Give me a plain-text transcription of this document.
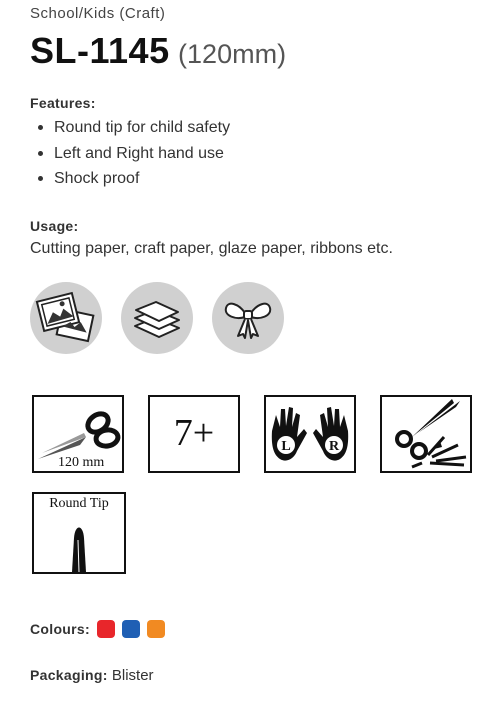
School/Kids (Craft)
SL-1145 (120mm)
Features:
Round tip for child safety
Left and Right hand use
Shock proof
Usage:
Cutting paper, craft paper, glaze paper, ribbons etc.
120 mm
7+	L	R
Round Tip
Colours:
Packaging: Blister
